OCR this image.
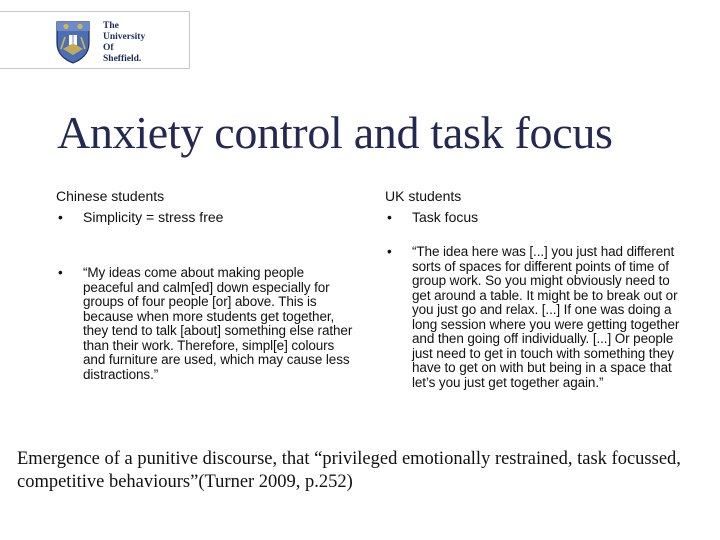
The
University
Of
Sheffield.
Anxiety control and task focus

Chinese students

• Simplicity = stress free
• “My ideas come about making people peaceful and calm[ed] down especially for groups of four people [or] above. This is because when more students get together, they tend to talk [about] something else rather than their work. Therefore, simpl[e] colours and furniture are used, which may cause less distractions.”

UK students

• Task focus
• “The idea here was [...] you just had different sorts of spaces for different points of time of group work. So you might obviously need to get around a table. It might be to break out or you just go and relax. [...] If one was doing a long session where you were getting together and then going off individually. [...] Or people just need to get in touch with something they have to get on with but being in a space that let’s you just get together again.”

Emergence of a punitive discourse, that “privileged emotionally restrained, task focussed, competitive behaviours”(Turner 2009, p.252)
